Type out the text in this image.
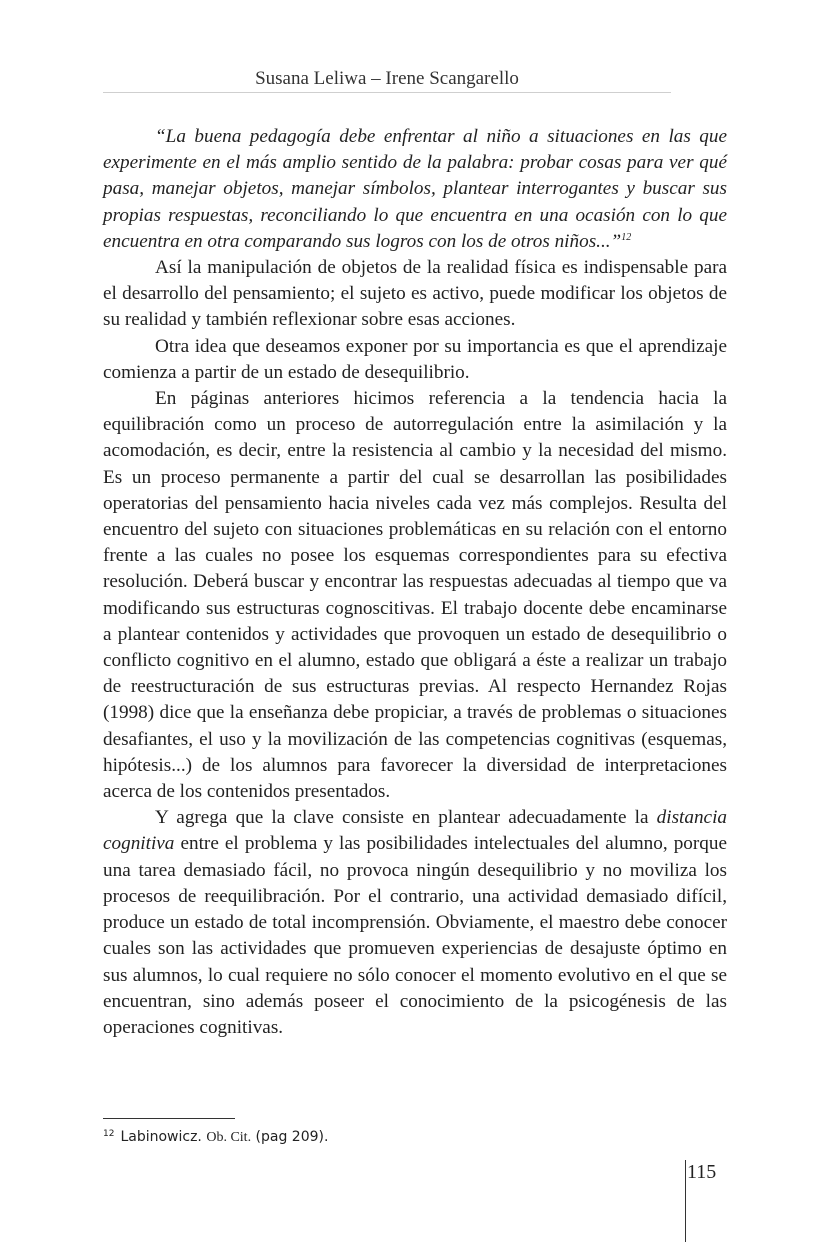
Susana Leliwa – Irene Scangarello

“La buena pedagogía debe enfrentar al niño a situaciones en las que experimente en el más amplio sentido de la palabra: probar cosas para ver qué pasa, manejar objetos, manejar símbolos, plantear interrogantes y buscar sus propias respuestas, reconciliando lo que encuentra en una ocasión con lo que encuentra en otra comparando sus logros con los de otros niños...”$^{12}$

Así la manipulación de objetos de la realidad física es indispensable para el desarrollo del pensamiento; el sujeto es activo, puede modificar los objetos de su realidad y también reflexionar sobre esas acciones.

Otra idea que deseamos exponer por su importancia es que el aprendizaje comienza a partir de un estado de desequilibrio.

En páginas anteriores hicimos referencia a la tendencia hacia la equilibración como un proceso de autorregulación entre la asimilación y la acomodación, es decir, entre la resistencia al cambio y la necesidad del mismo. Es un proceso permanente a partir del cual se desarrollan las posibilidades operatorias del pensamiento hacia niveles cada vez más complejos. Resulta del encuentro del sujeto con situaciones problemáticas en su relación con el entorno frente a las cuales no posee los esquemas correspondientes para su efectiva resolución. Deberá buscar y encontrar las respuestas adecuadas al tiempo que va modificando sus estructuras cognoscitivas. El trabajo docente debe encaminarse a plantear contenidos y actividades que provoquen un estado de desequilibrio o conflicto cognitivo en el alumno, estado que obligará a éste a realizar un trabajo de reestructuración de sus estructuras previas. Al respecto Hernandez Rojas (1998) dice que la enseñanza debe propiciar, a través de problemas o situaciones desafiantes, el uso y la movilización de las competencias cognitivas (esquemas, hipótesis...) de los alumnos para favorecer la diversidad de interpretaciones acerca de los contenidos presentados.

Y agrega que la clave consiste en plantear adecuadamente la distancia cognitiva entre el problema y las posibilidades intelectuales del alumno, porque una tarea demasiado fácil, no provoca ningún desequilibrio y no moviliza los procesos de reequilibración. Por el contrario, una actividad demasiado difícil, produce un estado de total incomprensión. Obviamente, el maestro debe conocer cuales son las actividades que promueven experiencias de desajuste óptimo en sus alumnos, lo cual requiere no sólo conocer el momento evolutivo en el que se encuentran, sino además poseer el conocimiento de la psicogénesis de las operaciones cognitivas.

$^{12}$ Labinowicz. Ob. Cit. (pag 209).
115
